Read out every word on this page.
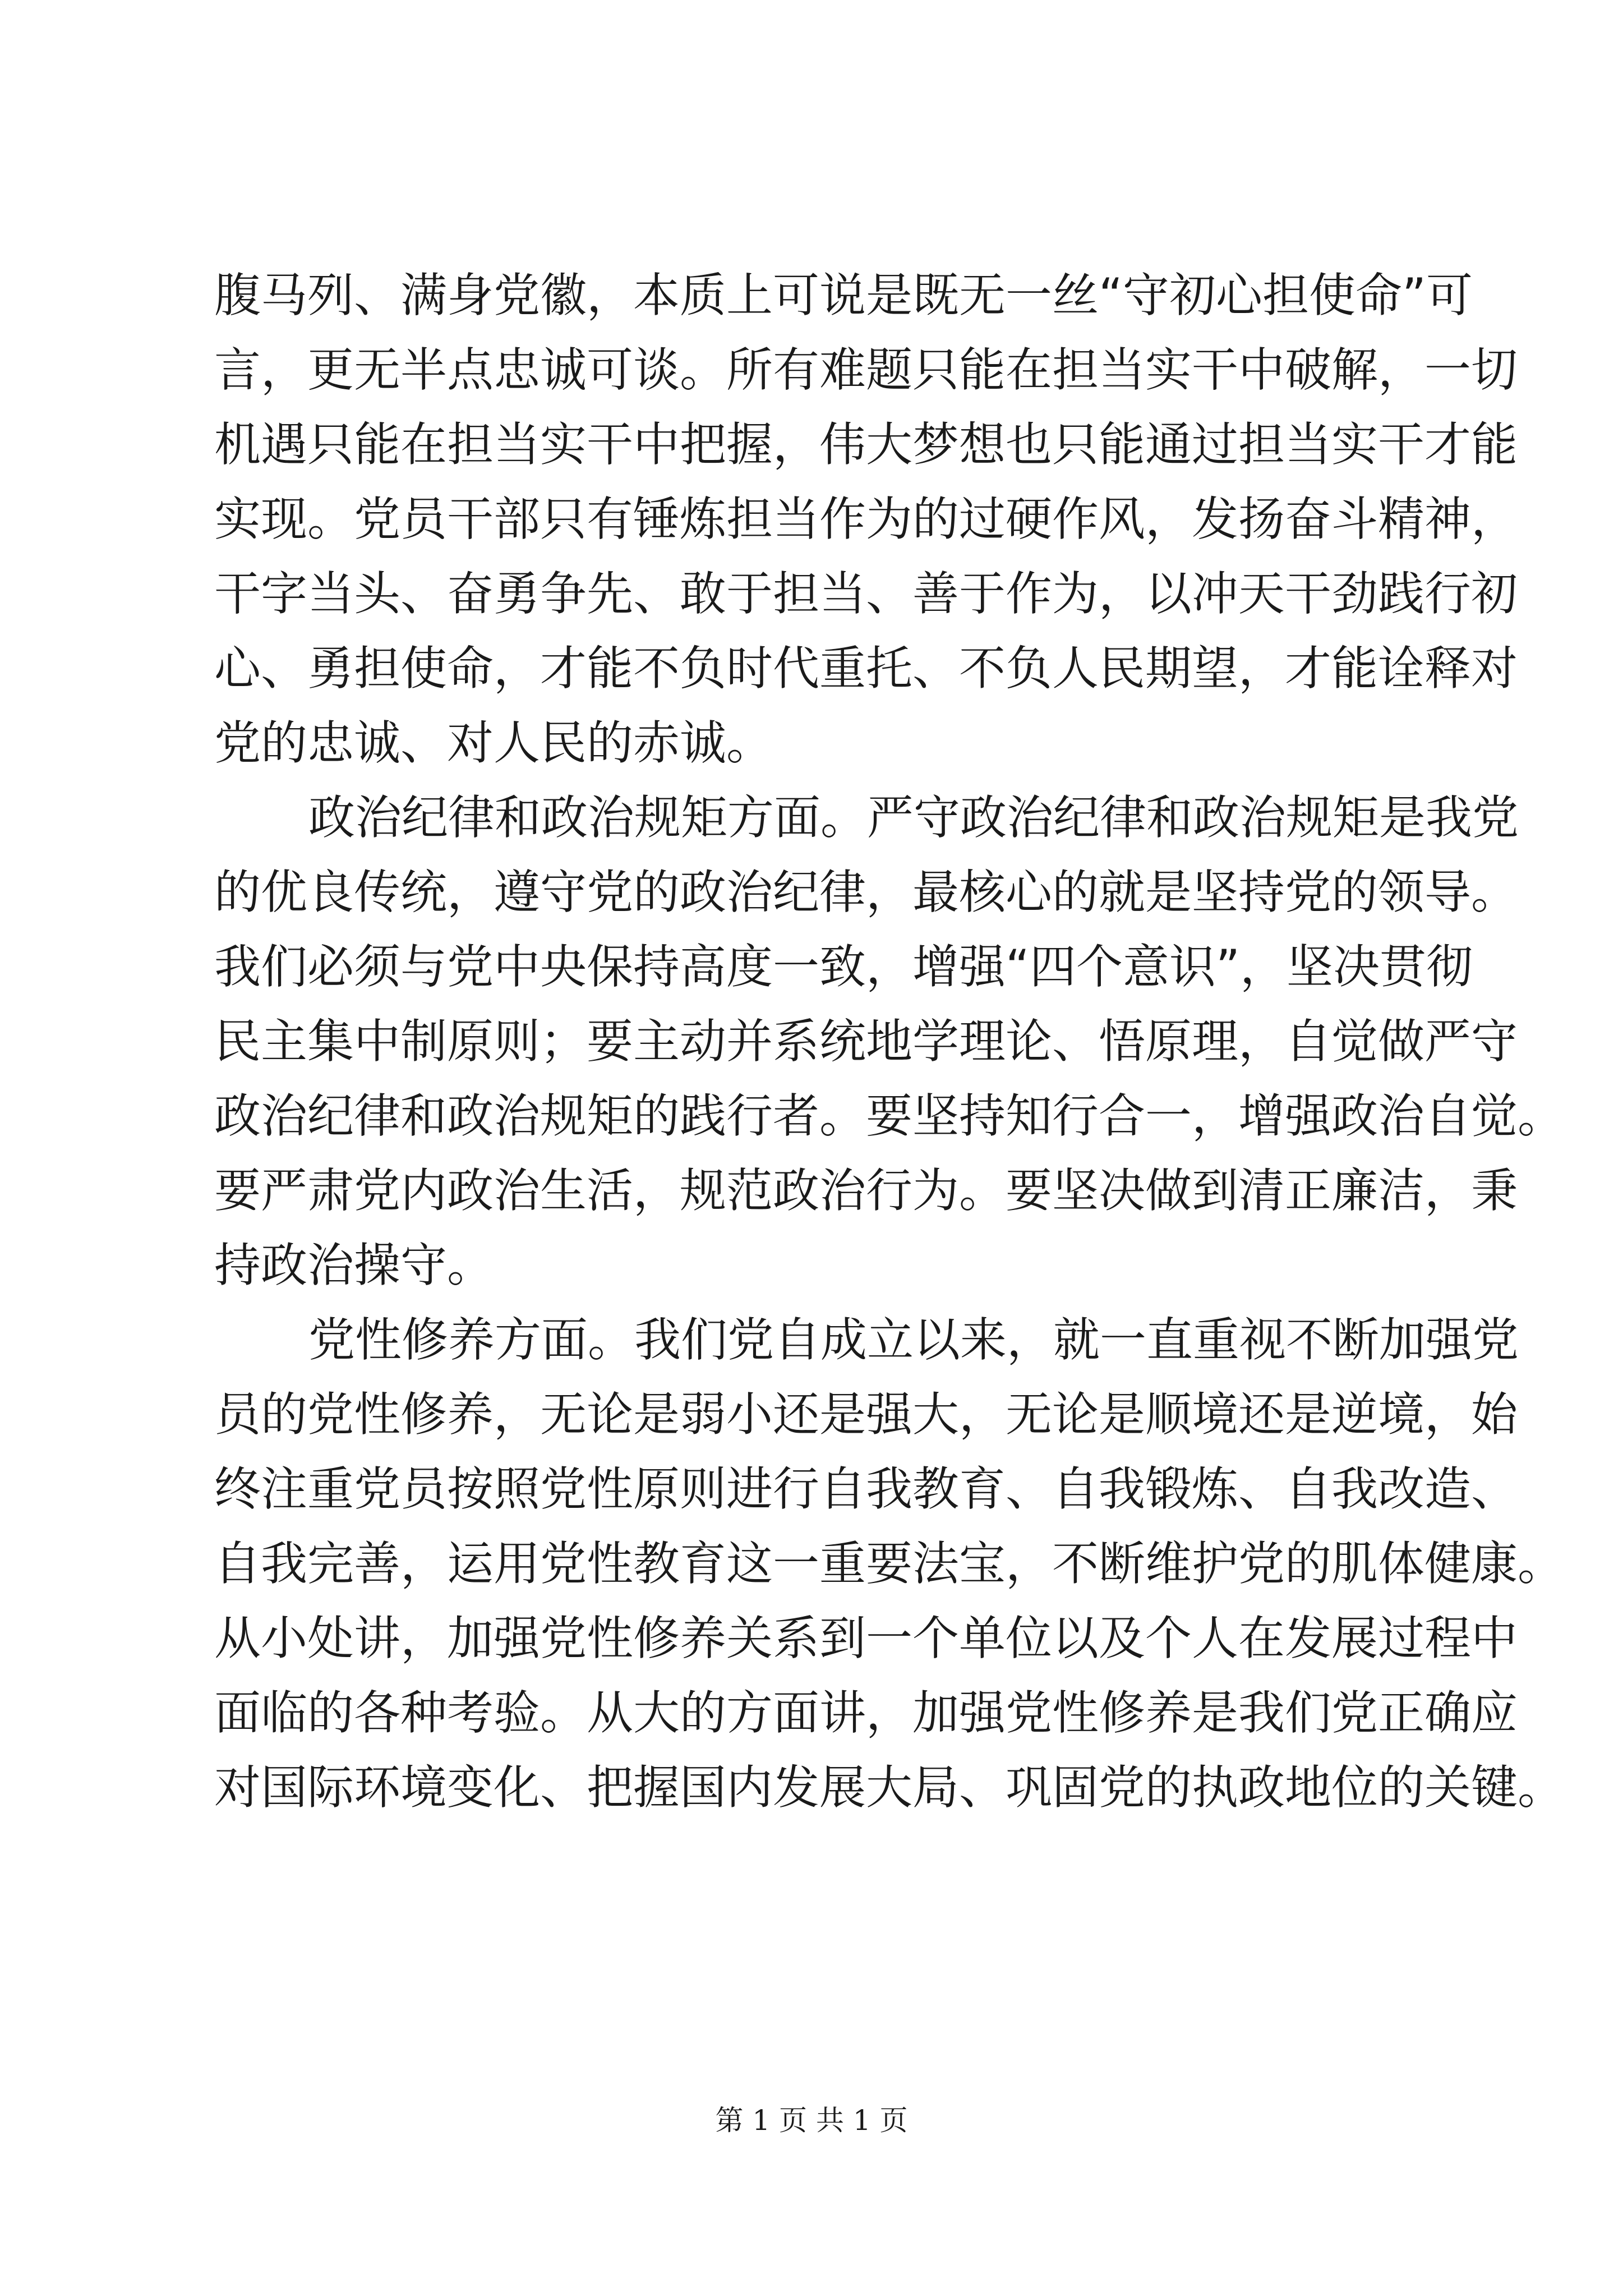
腹马列、满身党徽，本质上可说是既无一丝“守初心担使命”可
言，更无半点忠诚可谈。所有难题只能在担当实干中破解，一切
机遇只能在担当实干中把握，伟大梦想也只能通过担当实干才能
实现。党员干部只有锤炼担当作为的过硬作风，发扬奋斗精神，
干字当头、奋勇争先、敢于担当、善于作为，以冲天干劲践行初
心、勇担使命，才能不负时代重托、不负人民期望，才能诠释对
党的忠诚、对人民的赤诚。
政治纪律和政治规矩方面。严守政治纪律和政治规矩是我党
的优良传统，遵守党的政治纪律，最核心的就是坚持党的领导。
我们必须与党中央保持高度一致，增强“四个意识”，坚决贯彻
民主集中制原则；要主动并系统地学理论、悟原理，自觉做严守
政治纪律和政治规矩的践行者。要坚持知行合一，增强政治自觉。
要严肃党内政治生活，规范政治行为。要坚决做到清正廉洁，秉
持政治操守。
党性修养方面。我们党自成立以来，就一直重视不断加强党
员的党性修养，无论是弱小还是强大，无论是顺境还是逆境，始
终注重党员按照党性原则进行自我教育、自我锻炼、自我改造、
自我完善，运用党性教育这一重要法宝，不断维护党的肌体健康。
从小处讲，加强党性修养关系到一个单位以及个人在发展过程中
面临的各种考验。从大的方面讲，加强党性修养是我们党正确应
对国际环境变化、把握国内发展大局、巩固党的执政地位的关键。
第 1 页 共 1 页
